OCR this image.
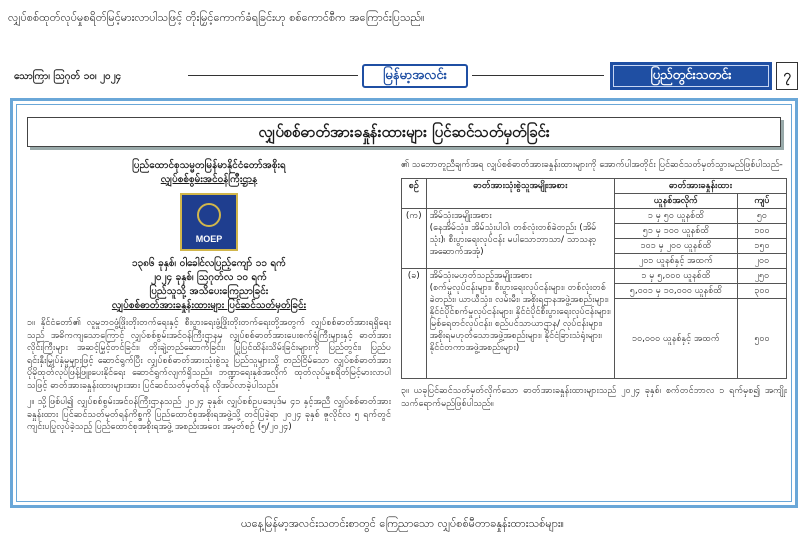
လျှပ်စစ်ထုတ်လုပ်မှုစရိတ်မြင့်မားလာပါသဖြင့် တိုးမြှင့်ကောက်ခံရခြင်းဟု စစ်ကောင်စီက အကြောင်းပြသည်။
သောကြာ၊ ဩဂုတ် ၁၀၊ ၂၀၂၄	မြန်မာ့အလင်း	ပြည်တွင်းသတင်း	၇
လျှပ်စစ်ဓာတ်အားခနှုန်းထားများ ပြင်ဆင်သတ်မှတ်ခြင်း
ပြည်ထောင်စုသမ္မတမြန်မာနိုင်ငံတော်အစိုးရ
လျှပ်စစ်စွမ်းအင်ဝန်ကြီးဌာန
MOEP
၁၃၈၆ ခုနှစ်၊ ဝါခေါင်လပြည့်ကျော် ၁၁ ရက်
၂၀၂၄ ခုနှစ်၊ ဩဂုတ်လ ၁၀ ရက်
ပြည်သူသို့ အသိပေးကြေညာခြင်း
လျှပ်စစ်ဓာတ်အားခနှုန်းထားများ ပြင်ဆင်သတ်မှတ်ခြင်း

၁။ နိုင်ငံတော်၏ လူမှုဘဝဖွံ့ဖြိုးတိုးတက်ရေးနှင့် စီးပွားရေးဖွံ့ဖြိုးတိုးတက်ရေးတို့အတွက် လျှပ်စစ်ဓာတ်အားရရှိရေးသည် အဓိကကျသောကြောင့် လျှပ်စစ်စွမ်းအင်ဝန်ကြီးဌာနမှ လျှပ်စစ်ဓာတ်အားပေးစက်ရုံကြီးများနှင့် ဓာတ်အားလိုင်းကြီးများ အဆင့်မြှင့်တင်ခြင်း၊ တိုးချဲ့တည်ဆောက်ခြင်း၊ ပြုပြင်ထိန်းသိမ်းခြင်းများကို ပြည်တွင်း၊ ပြည်ပရင်းနှီးမြှုပ်နှံမှုများဖြင့် ဆောင်ရွက်ပြီး လျှပ်စစ်ဓာတ်အားသုံးစွဲသူ ပြည်သူများသို့ တည်ငြိမ်သော လျှပ်စစ်ဓာတ်အား ပိုမိုထုတ်လုပ်ဖြန့်ဖြူးပေးနိုင်ရေး ဆောင်ရွက်လျက်ရှိသည်။ ဘဏ္ဍာရေးနှစ်အလိုက် ထုတ်လုပ်မှုစရိတ်မြင့်မားလာပါသဖြင့် ဓာတ်အားခနှုန်းထားများအား ပြင်ဆင်သတ်မှတ်ရန် လိုအပ်လာခဲ့ပါသည်။

၂။ သို့ဖြစ်ပါ၍ လျှပ်စစ်စွမ်းအင်ဝန်ကြီးဌာနသည် ၂၀၂၄ ခုနှစ်၊ လျှပ်စစ်ဥပဒေပုဒ်မ ၄၁ နှင့်အညီ လျှပ်စစ်ဓာတ်အားခနှုန်းထား ပြင်ဆင်သတ်မှတ်ရန်ကိစ္စကို ပြည်ထောင်စုအစိုးရအဖွဲ့သို့ တင်ပြခဲ့ရာ ၂၀၂၄ ခုနှစ် ဇူလိုင်လ ၅ ရက်တွင် ကျင်းပပြုလုပ်ခဲ့သည့် ပြည်ထောင်စုအစိုးရအဖွဲ့ အစည်းအဝေး အမှတ်စဉ် (၅/၂၀၂၄)

၏ သဘောတူညီချက်အရ လျှပ်စစ်ဓာတ်အားခနှုန်းထားများကို အောက်ပါအတိုင်း ပြင်ဆင်သတ်မှတ်သွားမည်ဖြစ်ပါသည်-

စဉ်	ဓာတ်အားသုံးစွဲသူအမျိုးအစား	ဓာတ်အားခနှုန်းထား	
		ယူနစ်အလိုက်	ကျပ်
(က)	အိမ်သုံးအမျိုးအစား
(နေအိမ်သုံး၊ အိမ်သုံးပါဝါ၊ တစ်လုံးတစ်ခဲတည်း (အိမ်သုံး)၊ စီးပွားရေးလုပ်ငန်း မပါသောဘာသာ/ သာသနာ့အဆောက်အအုံ)	၁ မှ ၅၀ ယူနစ်ထိ	၅၀
		၅၁ မှ ၁၀၀ ယူနစ်ထိ	၁၀၀
		၁၀၁ မှ ၂၀၀ ယူနစ်ထိ	၁၅၀
		၂၀၁ ယူနစ်နှင့် အထက်	၂၀၀
(ခ)	အိမ်သုံးမဟုတ်သည့်အမျိုးအစား
(စက်မှုလုပ်ငန်းများ၊ စီးပွားရေးလုပ်ငန်းများ၊ တစ်လုံးတစ်ခဲတည်း၊ ယာယီသုံး၊ လမ်းမီး၊ အစိုးရဌာနအဖွဲ့အစည်းများ၊ နိုင်ငံပိုင်စက်မှုလုပ်ငန်းများ၊ နိုင်ငံပိုင်စီးပွားရေးလုပ်ငန်းများ၊ မြစ်ရေတင်လုပ်ငန်း၊ စည်ပင်သာယာဌာန/ လုပ်ငန်းများ၊ အစိုးရမဟုတ်သောအဖွဲ့အစည်းများ၊ နိုင်ငံခြားသံရုံးများ၊ နိုင်ငံတကာအဖွဲ့အစည်းများ)	၁ မှ ၅,၀၀၀ ယူနစ်ထိ	၂၅၀
		၅,၀၀၁ မှ ၁၀,၀၀၀ ယူနစ်ထိ	၃၀၀
		၁၀,၀၀၀ ယူနစ်နှင့် အထက်	၅၀၀

၃။ ယခုပြင်ဆင်သတ်မှတ်လိုက်သော ဓာတ်အားခနှုန်းထားများသည် ၂၀၂၄ ခုနှစ်၊ စက်တင်ဘာလ ၁ ရက်မှစ၍ အကျိုးသက်ရောက်မည်ဖြစ်ပါသည်။

ယနေ့မြန်မာ့အလင်းသတင်းစာတွင် ကြေညာသော လျှပ်စစ်မီတာခနှုန်းထားသစ်များ။
